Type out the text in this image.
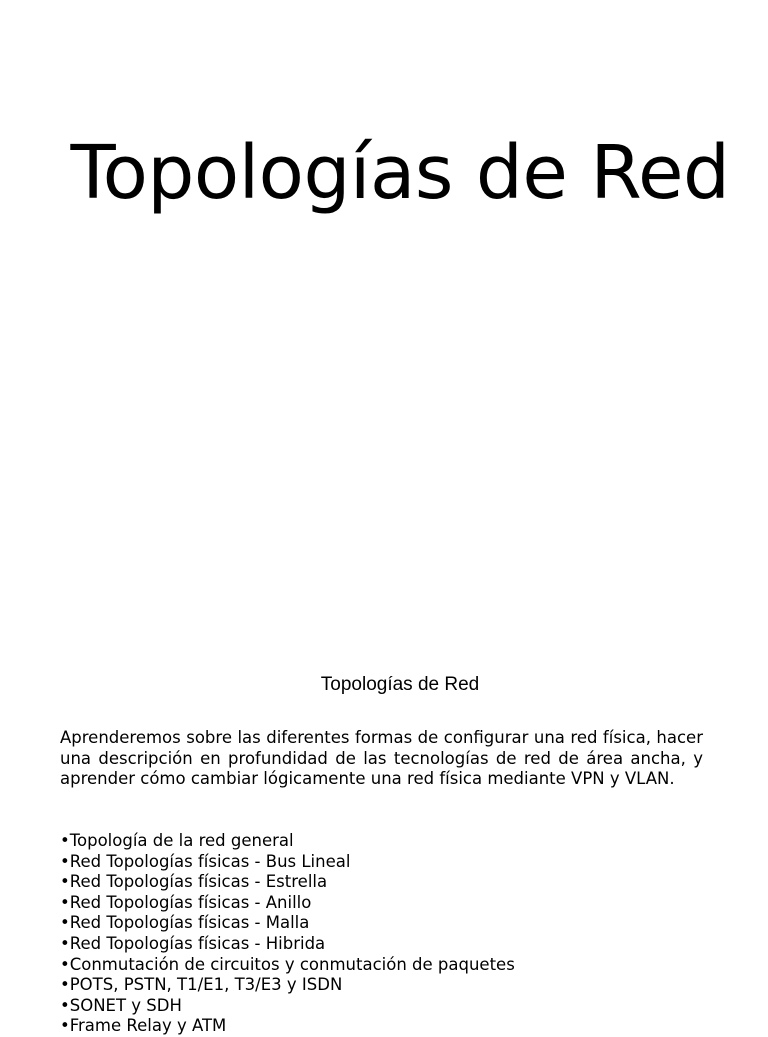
Topologías de Red
Topologías de Red

Aprenderemos sobre las diferentes formas de configurar una red física, hacer una descripción en profundidad de las tecnologías de red de área ancha, y aprender cómo cambiar lógicamente una red física mediante VPN y VLAN.

•Topología de la red general
•Red Topologías físicas - Bus Lineal
•Red Topologías físicas - Estrella
•Red Topologías físicas - Anillo
•Red Topologías físicas - Malla
•Red Topologías físicas - Hibrida
•Conmutación de circuitos y conmutación de paquetes
•POTS, PSTN, T1/E1, T3/E3 y ISDN
•SONET y SDH
•Frame Relay y ATM
